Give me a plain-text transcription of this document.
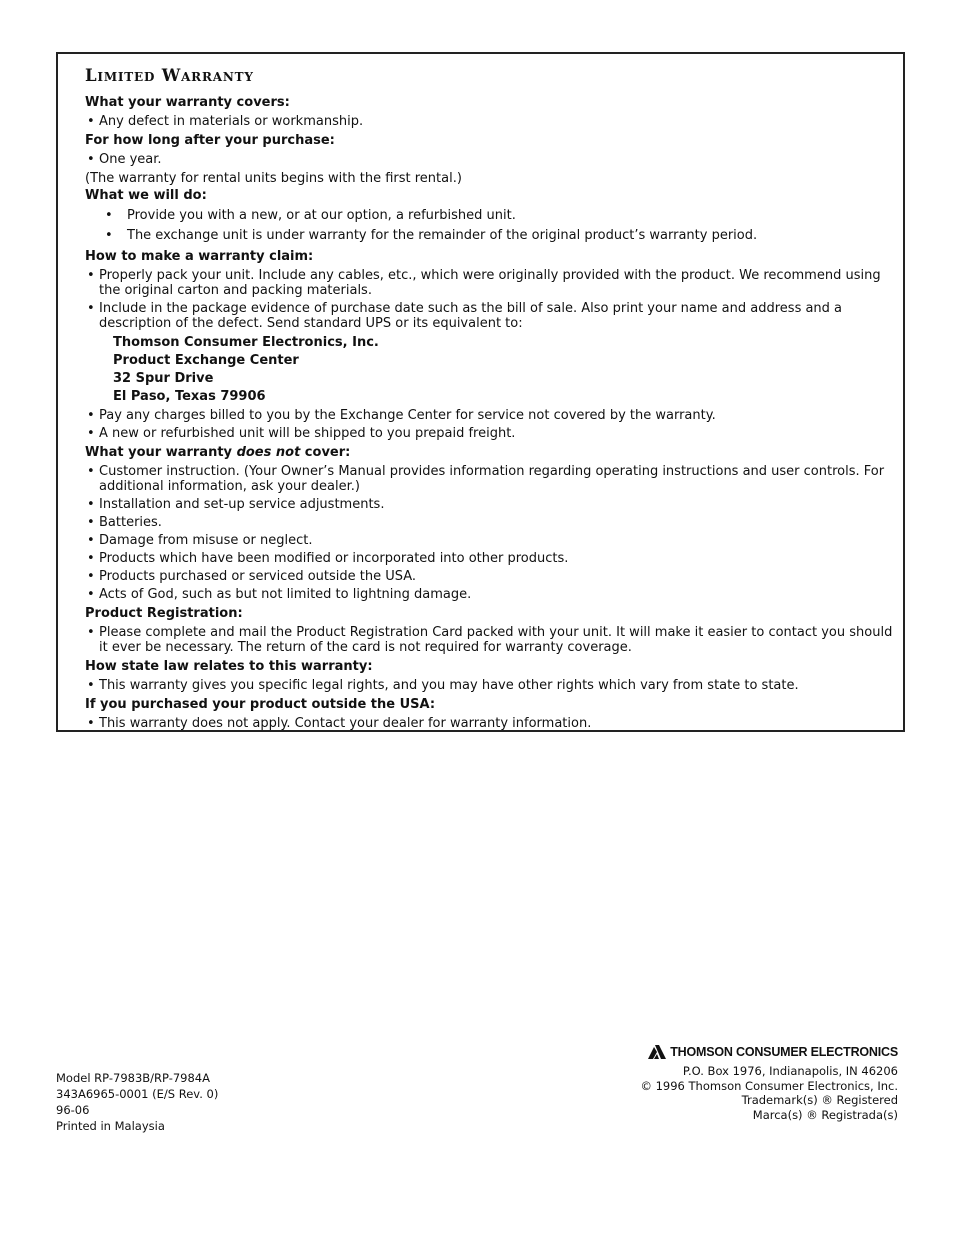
Limited Warranty
What your warranty covers:
• Any defect in materials or workmanship.
For how long after your purchase:
• One year.
(The warranty for rental units begins with the first rental.)
What we will do:
• Provide you with a new, or at our option, a refurbished unit.
• The exchange unit is under warranty for the remainder of the original product’s warranty period.
How to make a warranty claim:
• Properly pack your unit. Include any cables, etc., which were originally provided with the product. We recommend using the original carton and packing materials.
• Include in the package evidence of purchase date such as the bill of sale. Also print your name and address and a description of the defect. Send standard UPS or its equivalent to:
Thomson Consumer Electronics, Inc.
Product Exchange Center
32 Spur Drive
El Paso, Texas 79906
• Pay any charges billed to you by the Exchange Center for service not covered by the warranty.
• A new or refurbished unit will be shipped to you prepaid freight.
What your warranty does not cover:
• Customer instruction. (Your Owner’s Manual provides information regarding operating instructions and user controls. For additional information, ask your dealer.)
• Installation and set-up service adjustments.
• Batteries.
• Damage from misuse or neglect.
• Products which have been modified or incorporated into other products.
• Products purchased or serviced outside the USA.
• Acts of God, such as but not limited to lightning damage.
Product Registration:
• Please complete and mail the Product Registration Card packed with your unit. It will make it easier to contact you should it ever be necessary. The return of the card is not required for warranty coverage.
How state law relates to this warranty:
• This warranty gives you specific legal rights, and you may have other rights which vary from state to state.
If you purchased your product outside the USA:
• This warranty does not apply. Contact your dealer for warranty information.
Model RP-7983B/RP-7984A
343A6965-0001 (E/S Rev. 0)
96-06
Printed in Malaysia
THOMSON CONSUMER ELECTRONICS
P.O. Box 1976, Indianapolis, IN 46206
© 1996 Thomson Consumer Electronics, Inc.
Trademark(s) ® Registered
Marca(s) ® Registrada(s)
